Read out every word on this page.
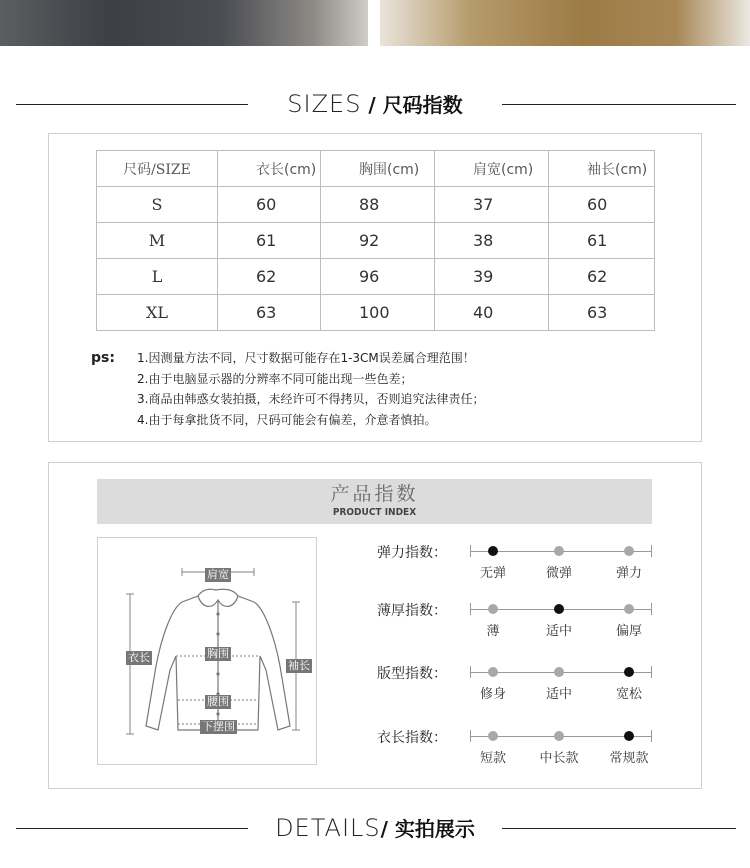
SIZES / 尺码指数
尺码/SIZE	衣长(cm)	胸围(cm)	肩宽(cm)	袖长(cm)
S	60	88	37	60
M	61	92	38	61
L	62	96	39	62
XL	63	100	40	63
ps: 1.因测量方法不同，尺寸数据可能存在1-3CM误差属合理范围！
2.由于电脑显示器的分辨率不同可能出现一些色差；
3.商品由韩惑女装拍摄，未经许可不得拷贝，否则追究法律责任；
4.由于每拿批货不同，尺码可能会有偏差，介意者慎拍。
产品指数
PRODUCT INDEX
肩宽
衣长	胸围
袖长
腰围
下摆围
弹力指数：
无弹	微弹	弹力
薄厚指数：
薄	适中	偏厚
版型指数：
修身	适中	宽松
衣长指数：
短款	中长款 常规款
DETAILS/ 实拍展示
